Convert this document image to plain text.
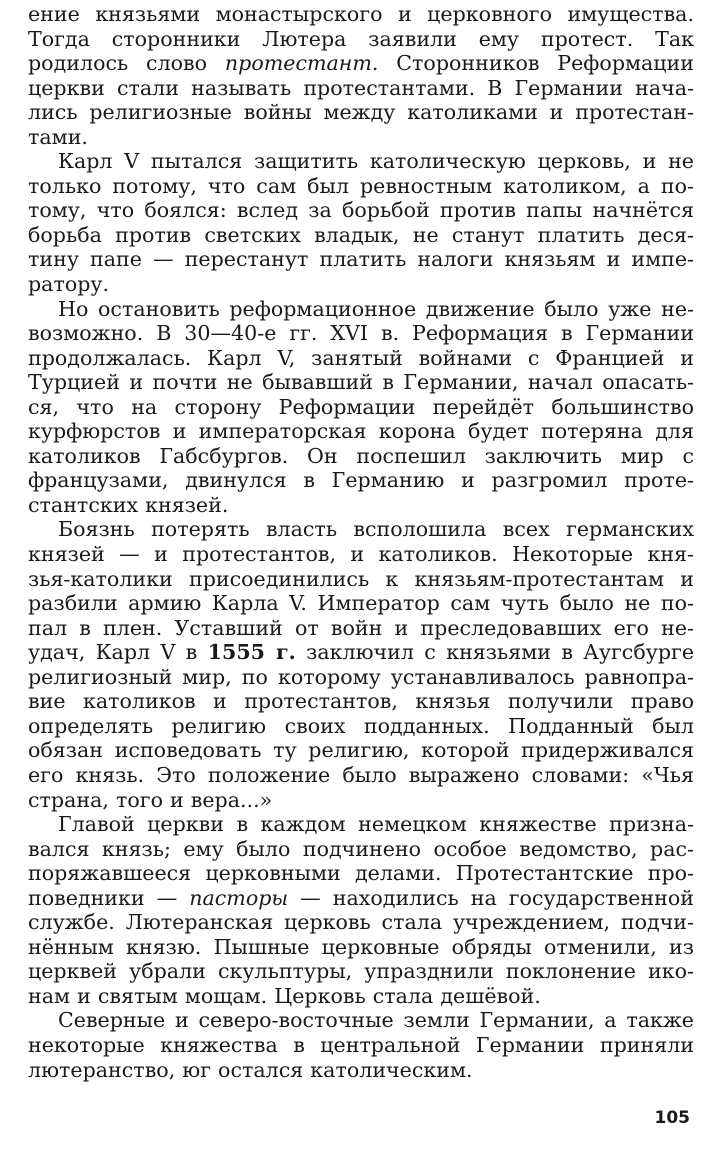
ение князьями монастырского и церковного имущества.
Тогда сторонники Лютера заявили ему протест. Так
родилось слово протестант. Сторонников Реформации
церкви стали называть протестантами. В Германии нача-
лись религиозные войны между католиками и протестан-
тами.

Карл V пытался защитить католическую церковь, и не
только потому, что сам был ревностным католиком, а по-
тому, что боялся: вслед за борьбой против папы начнётся
борьба против светских владык, не станут платить деся-
тину папе — перестанут платить налоги князьям и импе-
ратору.

Но остановить реформационное движение было уже не-
возможно. В 30—40-е гг. XVI в. Реформация в Германии
продолжалась. Карл V, занятый войнами с Францией и
Турцией и почти не бывавший в Германии, начал опасать-
ся, что на сторону Реформации перейдёт большинство
курфюрстов и императорская корона будет потеряна для
католиков Габсбургов. Он поспешил заключить мир с
французами, двинулся в Германию и разгромил проте-
стантских князей.

Боязнь потерять власть всполошила всех германских
князей — и протестантов, и католиков. Некоторые кня-
зья-католики присоединились к князьям-протестантам и
разбили армию Карла V. Император сам чуть было не по-
пал в плен. Уставший от войн и преследовавших его не-
удач, Карл V в 1555 г. заключил с князьями в Аугсбурге
религиозный мир, по которому устанавливалось равнопра-
вие католиков и протестантов, князья получили право
определять религию своих подданных. Подданный был
обязан исповедовать ту религию, которой придерживался
его князь. Это положение было выражено словами: «Чья
страна, того и вера...»

Главой церкви в каждом немецком княжестве призна-
вался князь; ему было подчинено особое ведомство, рас-
поряжавшееся церковными делами. Протестантские про-
поведники — пасторы — находились на государственной
службе. Лютеранская церковь стала учреждением, подчи-
нённым князю. Пышные церковные обряды отменили, из
церквей убрали скульптуры, упразднили поклонение ико-
нам и святым мощам. Церковь стала дешёвой.

Северные и северо-восточные земли Германии, а также
некоторые княжества в центральной Германии приняли
лютеранство, юг остался католическим.

105
